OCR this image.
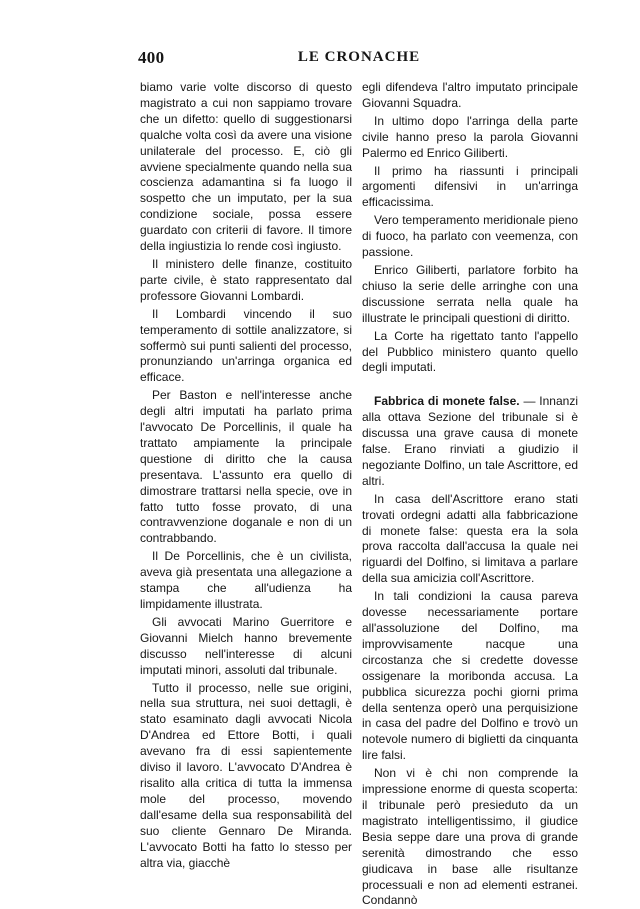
400	LE CRONACHE

biamo varie volte discorso di questo magistrato a cui non sappiamo trovare che un difetto: quello di suggestionarsi qualche volta così da avere una visione unilaterale del processo. E, ciò gli avviene specialmente quando nella sua coscienza adamantina si fa luogo il sospetto che un imputato, per la sua condizione sociale, possa essere guardato con criterii di favore. Il timore della ingiustizia lo rende così ingiusto.

Il ministero delle finanze, costituito parte civile, è stato rappresentato dal professore Giovanni Lombardi.

Il Lombardi vincendo il suo temperamento di sottile analizzatore, si soffermò sui punti salienti del processo, pronunziando un'arringa organica ed efficace.

Per Baston e nell'interesse anche degli altri imputati ha parlato prima l'avvocato De Porcellinis, il quale ha trattato ampiamente la principale questione di diritto che la causa presentava. L'assunto era quello di dimostrare trattarsi nella specie, ove in fatto tutto fosse provato, di una contravvenzione doganale e non di un contrabbando.

Il De Porcellinis, che è un civilista, aveva già presentata una allegazione a stampa che all'udienza ha limpidamente illustrata.

Gli avvocati Marino Guerritore e Giovanni Mielch hanno brevemente discusso nell'interesse di alcuni imputati minori, assoluti dal tribunale.

Tutto il processo, nelle sue origini, nella sua struttura, nei suoi dettagli, è stato esaminato dagli avvocati Nicola D'Andrea ed Ettore Botti, i quali avevano fra di essi sapientemente diviso il lavoro. L'avvocato D'Andrea è risalito alla critica di tutta la immensa mole del processo, movendo dall'esame della sua responsabilità del suo cliente Gennaro De Miranda. L'avvocato Botti ha fatto lo stesso per altra via, giacchè

egli difendeva l'altro imputato principale Giovanni Squadra.

In ultimo dopo l'arringa della parte civile hanno preso la parola Giovanni Palermo ed Enrico Giliberti.

Il primo ha riassunti i principali argomenti difensivi in un'arringa efficacissima.

Vero temperamento meridionale pieno di fuoco, ha parlato con veemenza, con passione.

Enrico Giliberti, parlatore forbito ha chiuso la serie delle arringhe con una discussione serrata nella quale ha illustrate le principali questioni di diritto.

La Corte ha rigettato tanto l'appello del Pubblico ministero quanto quello degli imputati.

Fabbrica di monete false. — Innanzi alla ottava Sezione del tribunale si è discussa una grave causa di monete false. Erano rinviati a giudizio il negoziante Dolfino, un tale Ascrittore, ed altri.

In casa dell'Ascrittore erano stati trovati ordegni adatti alla fabbricazione di monete false: questa era la sola prova raccolta dall'accusa la quale nei riguardi del Dolfino, si limitava a parlare della sua amicizia coll'Ascrittore.

In tali condizioni la causa pareva dovesse necessariamente portare all'assoluzione del Dolfino, ma improvvisamente nacque una circostanza che si credette dovesse ossigenare la moribonda accusa. La pubblica sicurezza pochi giorni prima della sentenza operò una perquisizione in casa del padre del Dolfino e trovò un notevole numero di biglietti da cinquanta lire falsi.

Non vi è chi non comprende la impressione enorme di questa scoperta: il tribunale però presieduto da un magistrato intelligentissimo, il giudice Besia seppe dare una prova di grande serenità dimostrando che esso giudicava in base alle risultanze processuali e non ad elementi estranei. Condannò
